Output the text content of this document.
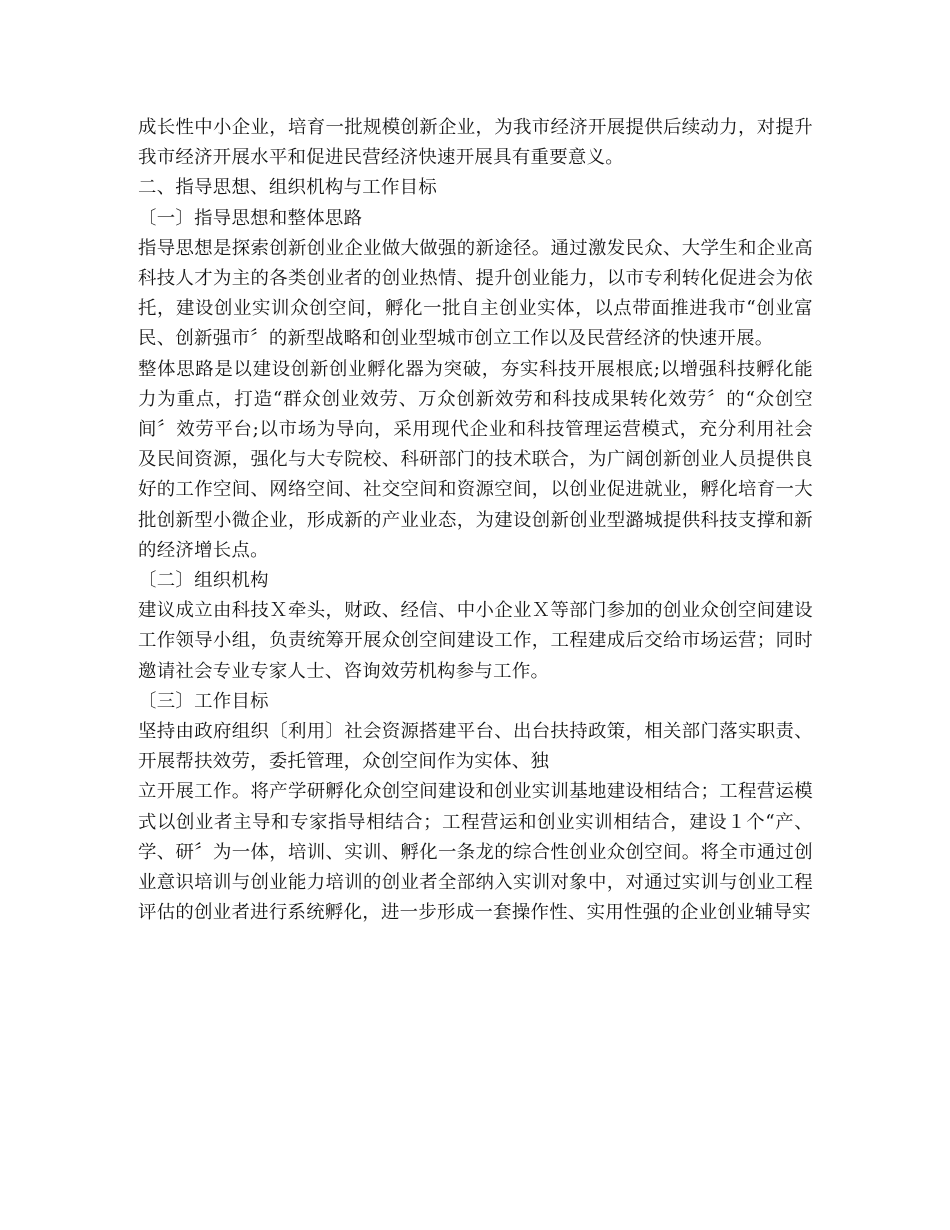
成长性中小企业，培育一批规模创新企业，为我市经济开展提供后续动力，对提升我市经济开展水平和促进民营经济快速开展具有重要意义。

二、指导思想、组织机构与工作目标

〔一〕指导思想和整体思路

指导思想是探索创新创业企业做大做强的新途径。通过激发民众、大学生和企业高科技人才为主的各类创业者的创业热情、提升创业能力，以市专利转化促进会为依托，建设创业实训众创空间，孵化一批自主创业实体，以点带面推进我市“创业富民、创新强市〞的新型战略和创业型城市创立工作以及民营经济的快速开展。

整体思路是以建设创新创业孵化器为突破，夯实科技开展根底;以增强科技孵化能力为重点，打造“群众创业效劳、万众创新效劳和科技成果转化效劳〞的“众创空间〞效劳平台;以市场为导向，采用现代企业和科技管理运营模式，充分利用社会及民间资源，强化与大专院校、科研部门的技术联合，为广阔创新创业人员提供良好的工作空间、网络空间、社交空间和资源空间，以创业促进就业，孵化培育一大批创新型小微企业，形成新的产业业态，为建设创新创业型潞城提供科技支撑和新的经济增长点。

〔二〕组织机构

建议成立由科技Ｘ牵头，财政、经信、中小企业Ｘ等部门参加的创业众创空间建设工作领导小组，负责统筹开展众创空间建设工作，工程建成后交给市场运营；同时邀请社会专业专家人士、咨询效劳机构参与工作。

〔三〕工作目标

坚持由政府组织〔利用〕社会资源搭建平台、出台扶持政策，相关部门落实职责、开展帮扶效劳，委托管理，众创空间作为实体、独

立开展工作。将产学研孵化众创空间建设和创业实训基地建设相结合；工程营运模式以创业者主导和专家指导相结合；工程营运和创业实训相结合，建设１个“产、学、研〞为一体，培训、实训、孵化一条龙的综合性创业众创空间。将全市通过创业意识培训与创业能力培训的创业者全部纳入实训对象中，对通过实训与创业工程评估的创业者进行系统孵化，进一步形成一套操作性、实用性强的企业创业辅导实
